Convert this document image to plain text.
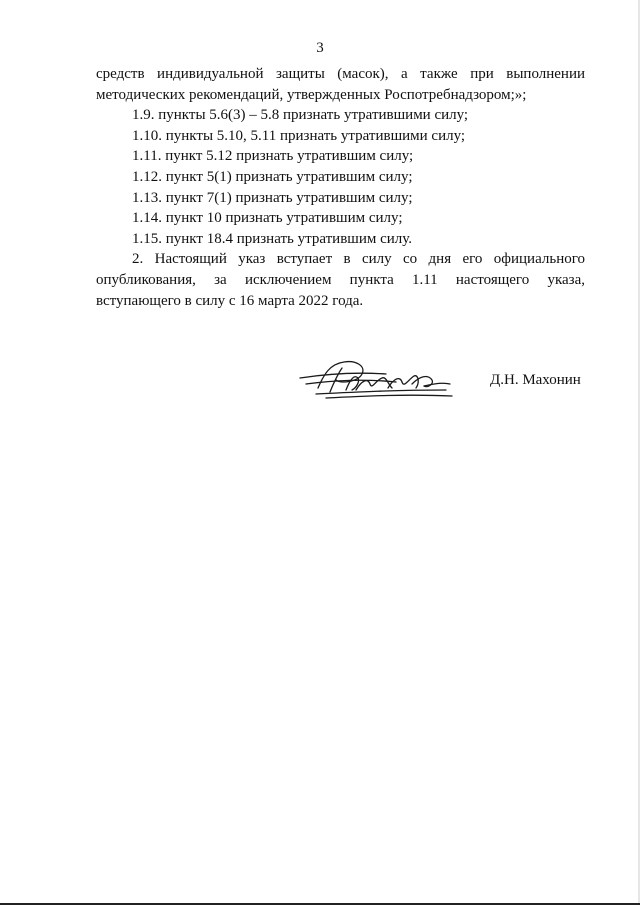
3

средств индивидуальной защиты (масок), а также при выполнении методических рекомендаций, утвержденных Роспотребнадзором;»;

1.9. пункты 5.6(3) – 5.8 признать утратившими силу;

1.10. пункты 5.10, 5.11 признать утратившими силу;

1.11. пункт 5.12 признать утратившим силу;

1.12. пункт 5(1) признать утратившим силу;

1.13. пункт 7(1) признать утратившим силу;

1.14. пункт 10 признать утратившим силу;

1.15. пункт 18.4 признать утратившим силу.

2. Настоящий указ вступает в силу со дня его официального опубликования, за исключением пункта 1.11 настоящего указа, вступающего в силу с 16 марта 2022 года.

Д.Н. Махонин
